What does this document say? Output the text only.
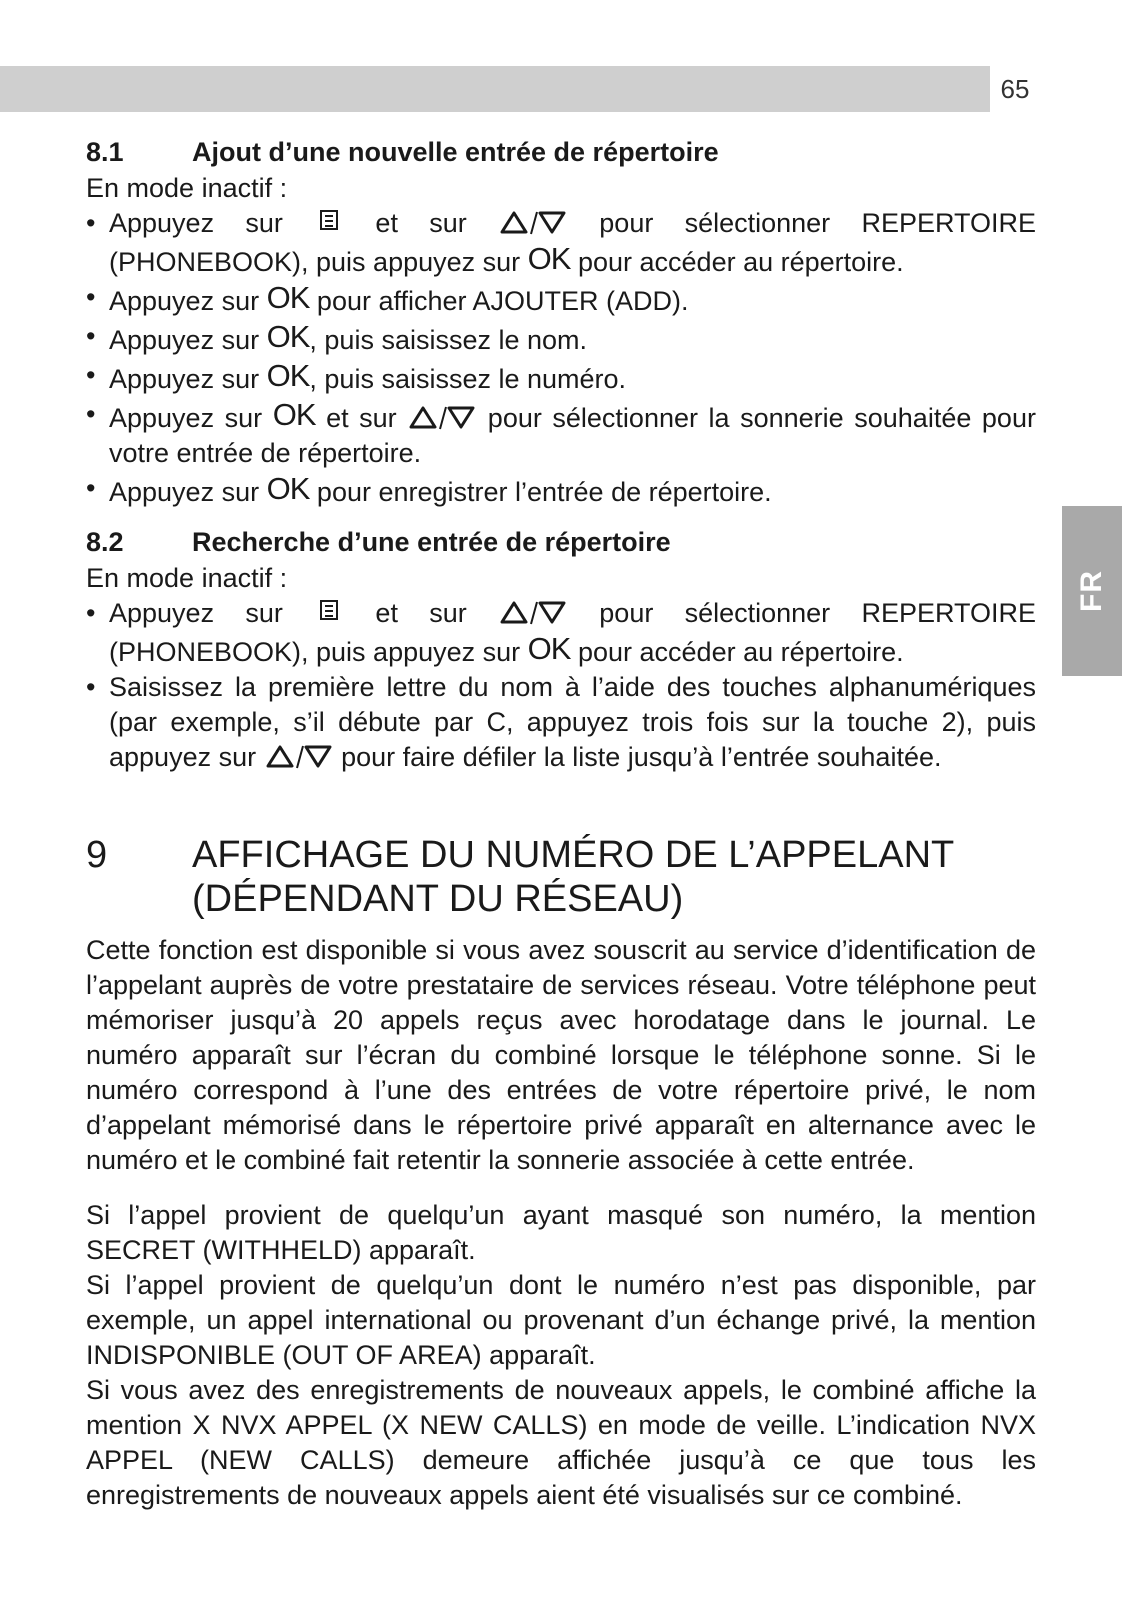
65
FR
8.1	Ajout d’une nouvelle entrée de répertoire

En mode inactif :

• Appuyez sur	et sur	pour sélectionner REPERTOIRE (PHONEBOOK), puis appuyez sur OK pour accéder au répertoire.
• Appuyez sur OK pour afficher AJOUTER (ADD).
• Appuyez sur OK, puis saisissez le nom.
• Appuyez sur OK, puis saisissez le numéro.
• Appuyez sur OK et sur	pour sélectionner la sonnerie souhaitée pour votre entrée de répertoire.
• Appuyez sur OK pour enregistrer l’entrée de répertoire.
8.2	Recherche d’une entrée de répertoire

En mode inactif :

• Appuyez sur	et sur	pour sélectionner REPERTOIRE (PHONEBOOK), puis appuyez sur OK pour accéder au répertoire.
• Saisissez la première lettre du nom à l’aide des touches alphanumériques (par exemple, s’il débute par C, appuyez trois fois sur la touche 2), puis appuyez sur	pour faire défiler la liste jusqu’à l’entrée souhaitée.
9	AFFICHAGE DU NUMÉRO DE L’APPELANT
(DÉPENDANT DU RÉSEAU)

Cette fonction est disponible si vous avez souscrit au service d’identification de l’appelant auprès de votre prestataire de services réseau. Votre téléphone peut mémoriser jusqu’à 20 appels reçus avec horodatage dans le journal. Le numéro apparaît sur l’écran du combiné lorsque le téléphone sonne. Si le numéro correspond à l’une des entrées de votre répertoire privé, le nom d’appelant mémorisé dans le répertoire privé apparaît en alternance avec le numéro et le combiné fait retentir la sonnerie associée à cette entrée.

Si l’appel provient de quelqu’un ayant masqué son numéro, la mention SECRET (WITHHELD) apparaît.

Si l’appel provient de quelqu’un dont le numéro n’est pas disponible, par exemple, un appel international ou provenant d’un échange privé, la mention INDISPONIBLE (OUT OF AREA) apparaît.

Si vous avez des enregistrements de nouveaux appels, le combiné affiche la mention X NVX APPEL (X NEW CALLS) en mode de veille. L’indication NVX APPEL (NEW CALLS) demeure affichée jusqu’à ce que tous les enregistrements de nouveaux appels aient été visualisés sur ce combiné.
